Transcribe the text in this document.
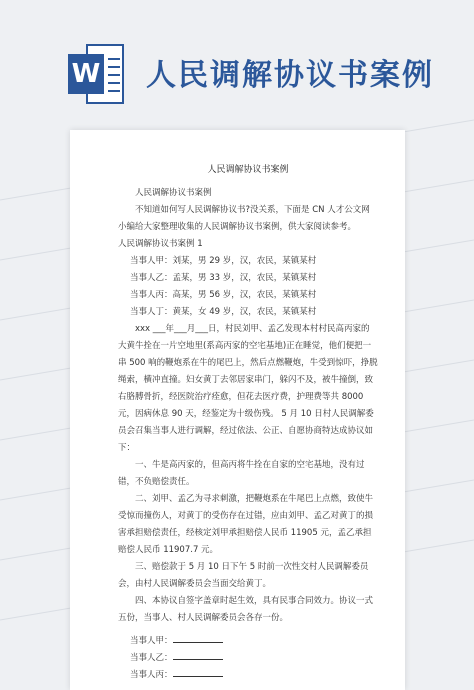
W 人民调解协议书案例
人民调解协议书案例

人民调解协议书案例

不知道如何写人民调解协议书?没关系，下面是 CN 人才公文网小编给大家整理收集的人民调解协议书案例，供大家阅读参考。

人民调解协议书案例 1

当事人甲：刘某，男 29 岁，汉，农民，某镇某村

当事人乙：孟某，男 33 岁，汉，农民，某镇某村

当事人丙：高某，男 56 岁，汉，农民，某镇某村

当事人丁：黄某，女 49 岁，汉，农民，某镇某村

xxx ___年___月___日，村民刘甲、孟乙发现本村村民高丙家的大黄牛拴在一片空地里(系高丙家的空宅基地)正在睡觉，他们便把一串 500 响的鞭炮系在牛的尾巴上，然后点燃鞭炮，牛受到惊吓，挣脱绳索，横冲直撞。妇女黄丁去邻居家串门，躲闪不及，被牛撞倒，致右胳膊骨折，经医院治疗痊愈，但花去医疗费，护理费等共 8000 元，因病休息 90 天，经鉴定为十级伤残。 5 月 10 日村人民调解委员会召集当事人进行调解，经过依法、公正、自愿协商特达成协议如下：

一、牛是高丙家的，但高丙将牛拴在自家的空宅基地，没有过错，不负赔偿责任。

二、刘甲、孟乙为寻求刺激，把鞭炮系在牛尾巴上点燃，致使牛受惊而撞伤人，对黄丁的受伤存在过错，应由刘甲、孟乙对黄丁的损害承担赔偿责任，经核定刘甲承担赔偿人民币 11905 元，孟乙承担赔偿人民币 11907.7 元。

三、赔偿款于 5 月 10 日下午 5 时前一次性交村人民调解委员会，由村人民调解委员会当面交给黄丁。

四、本协议自签字盖章时起生效，具有民事合同效力。协议一式五份，当事人、村人民调解委员会各存一份。

当事人甲：

当事人乙：

当事人丙：
